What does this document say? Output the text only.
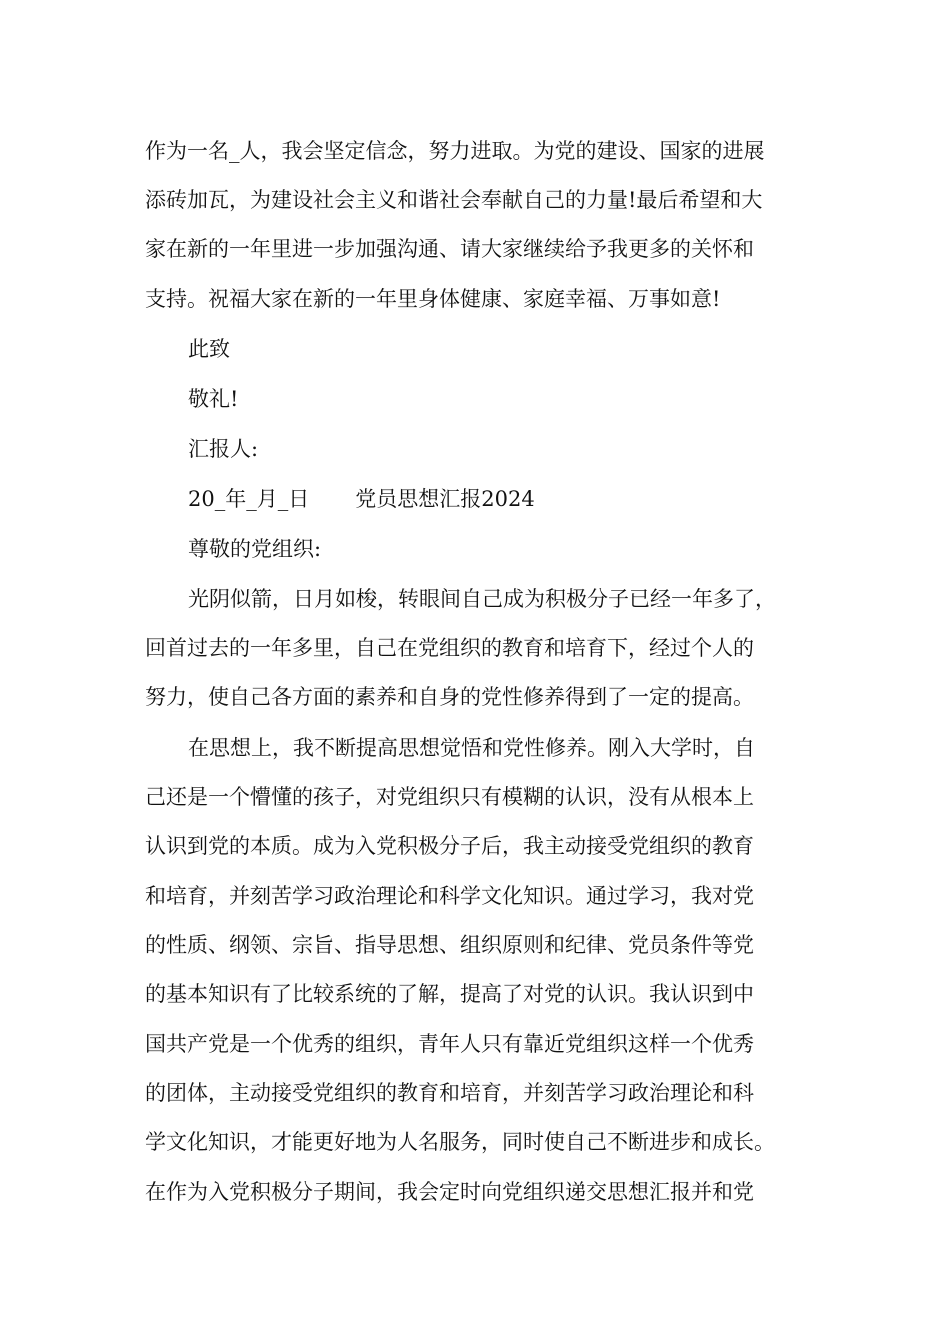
作为一名_人，我会坚定信念，努力进取。为党的建设、国家的进展
添砖加瓦，为建设社会主义和谐社会奉献自己的力量!最后希望和大
家在新的一年里进一步加强沟通、请大家继续给予我更多的关怀和
支持。祝福大家在新的一年里身体健康、家庭幸福、万事如意!
此致
敬礼!
汇报人:
20_年_月_日 党员思想汇报2024
尊敬的党组织:
光阴似箭，日月如梭，转眼间自己成为积极分子已经一年多了，
回首过去的一年多里，自己在党组织的教育和培育下，经过个人的
努力，使自己各方面的素养和自身的党性修养得到了一定的提高。
在思想上，我不断提高思想觉悟和党性修养。刚入大学时，自
己还是一个懵懂的孩子，对党组织只有模糊的认识，没有从根本上
认识到党的本质。成为入党积极分子后，我主动接受党组织的教育
和培育，并刻苦学习政治理论和科学文化知识。通过学习，我对党
的性质、纲领、宗旨、指导思想、组织原则和纪律、党员条件等党
的基本知识有了比较系统的了解，提高了对党的认识。我认识到中
国共产党是一个优秀的组织，青年人只有靠近党组织这样一个优秀
的团体，主动接受党组织的教育和培育，并刻苦学习政治理论和科
学文化知识，才能更好地为人名服务，同时使自己不断进步和成长。
在作为入党积极分子期间，我会定时向党组织递交思想汇报并和党
